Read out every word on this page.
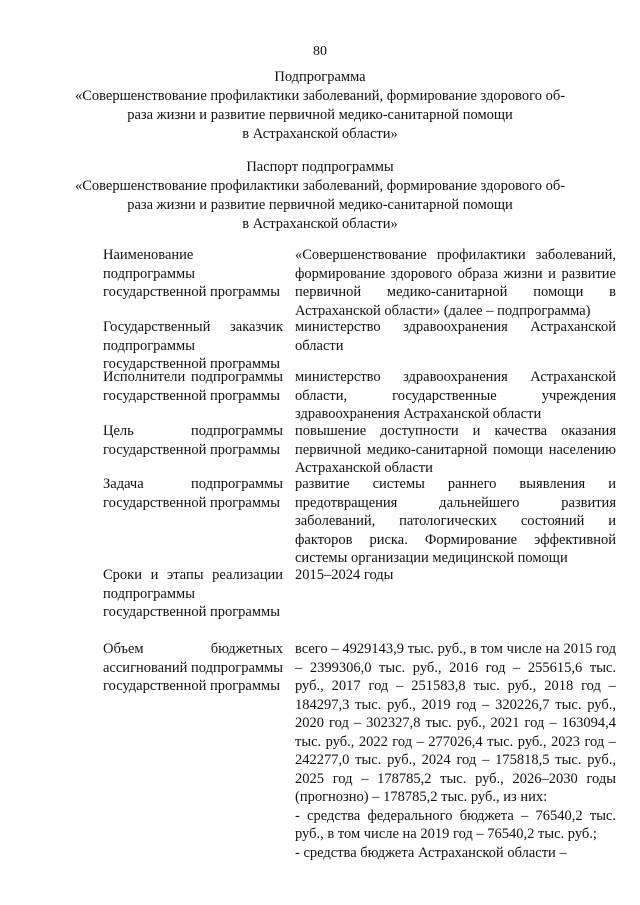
80
Подпрограмма
«Совершенствование профилактики заболеваний, формирование здорового об-
раза жизни и развитие первичной медико-санитарной помощи
в Астраханской области»
Паспорт подпрограммы
«Совершенствование профилактики заболеваний, формирование здорового об-
раза жизни и развитие первичной медико-санитарной помощи
в Астраханской области»
Наименование подпрограммы государственной программы
«Совершенствование профилактики заболеваний, формирование здорового образа жизни и развитие первичной медико-санитарной помощи в Астраханской области» (далее – подпрограмма)
Государственный заказчик подпрограммы государственной программы
министерство здравоохранения Астраханской области
Исполнители подпрограммы государственной программы
министерство здравоохранения Астраханской области, государственные учреждения здравоохранения Астраханской области
Цель подпрограммы государственной программы
повышение доступности и качества оказания первичной медико-санитарной помощи населению Астраханской области
Задача подпрограммы государственной программы
развитие системы раннего выявления и предотвращения дальнейшего развития заболеваний, патологических состояний и факторов риска. Формирование эффективной системы организации медицинской помощи
Сроки и этапы реализации подпрограммы государственной программы
2015–2024 годы
Объем бюджетных ассигнований подпрограммы государственной программы
всего – 4929143,9 тыс. руб., в том числе на 2015 год – 2399306,0 тыс. руб., 2016 год – 255615,6 тыс. руб., 2017 год – 251583,8 тыс. руб., 2018 год – 184297,3 тыс. руб., 2019 год – 320226,7 тыс. руб., 2020 год – 302327,8 тыс. руб., 2021 год – 163094,4 тыс. руб., 2022 год – 277026,4 тыс. руб., 2023 год – 242277,0 тыс. руб., 2024 год – 175818,5 тыс. руб., 2025 год – 178785,2 тыс. руб., 2026–2030 годы (прогнозно) – 178785,2 тыс. руб., из них:
- средства федерального бюджета – 76540,2 тыс. руб., в том числе на 2019 год – 76540,2 тыс. руб.;
- средства бюджета Астраханской области –
